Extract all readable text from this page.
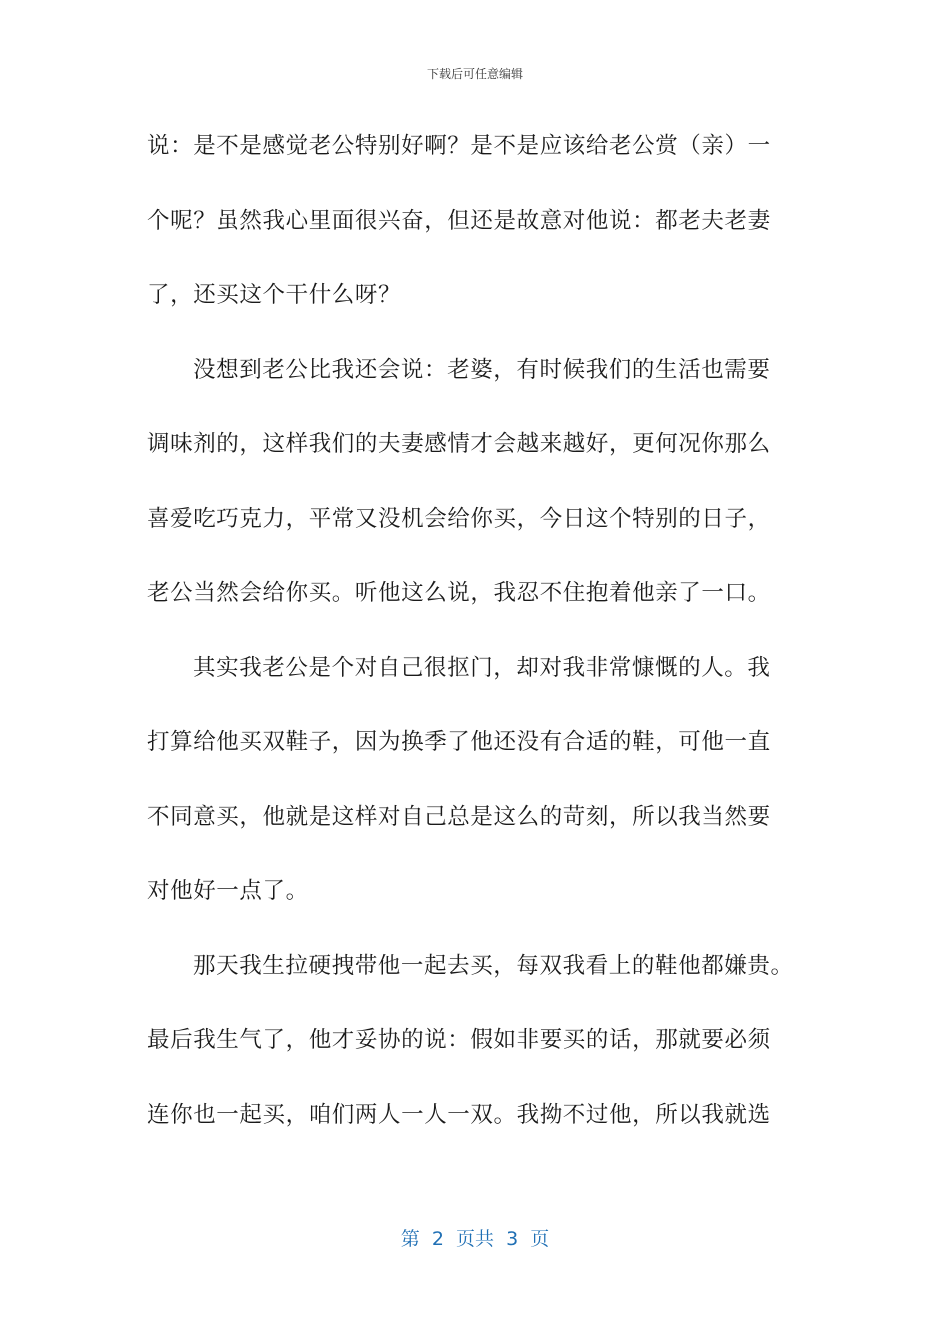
下载后可任意编辑
说：是不是感觉老公特别好啊？是不是应该给老公赏（亲）一
个呢？虽然我心里面很兴奋，但还是故意对他说：都老夫老妻
了，还买这个干什么呀？
没想到老公比我还会说：老婆，有时候我们的生活也需要
调味剂的，这样我们的夫妻感情才会越来越好，更何况你那么
喜爱吃巧克力，平常又没机会给你买，今日这个特别的日子，
老公当然会给你买。听他这么说，我忍不住抱着他亲了一口。
其实我老公是个对自己很抠门，却对我非常慷慨的人。我
打算给他买双鞋子，因为换季了他还没有合适的鞋，可他一直
不同意买，他就是这样对自己总是这么的苛刻，所以我当然要
对他好一点了。
那天我生拉硬拽带他一起去买，每双我看上的鞋他都嫌贵。
最后我生气了，他才妥协的说：假如非要买的话，那就要必须
连你也一起买，咱们两人一人一双。我拗不过他，所以我就选
第  2  页共  3  页
